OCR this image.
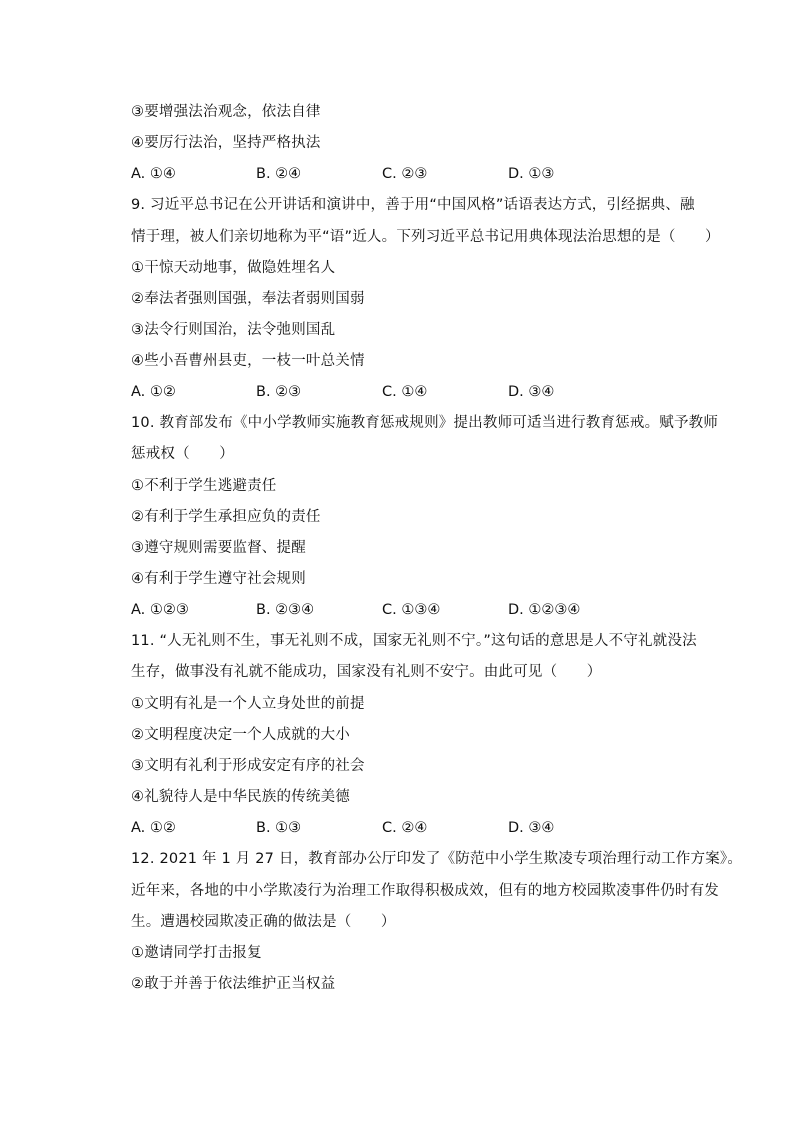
③要增强法治观念，依法自律
④要厉行法治，坚持严格执法
A. ①④	B. ②④	C. ②③	D. ①③
9. 习近平总书记在公开讲话和演讲中，善于用“中国风格”话语表达方式，引经据典、融
情于理，被人们亲切地称为平“语”近人。下列习近平总书记用典体现法治思想的是（　　）
①干惊天动地事，做隐姓埋名人
②奉法者强则国强，奉法者弱则国弱
③法令行则国治，法令弛则国乱
④些小吾曹州县吏，一枝一叶总关情
A. ①②	B. ②③	C. ①④	D. ③④
10. 教育部发布《中小学教师实施教育惩戒规则》提出教师可适当进行教育惩戒。赋予教师
惩戒权（　　）
①不利于学生逃避责任
②有利于学生承担应负的责任
③遵守规则需要监督、提醒
④有利于学生遵守社会规则
A. ①②③	B. ②③④	C. ①③④	D. ①②③④
11. “人无礼则不生，事无礼则不成，国家无礼则不宁。”这句话的意思是人不守礼就没法
生存，做事没有礼就不能成功，国家没有礼则不安宁。由此可见（　　）
①文明有礼是一个人立身处世的前提
②文明程度决定一个人成就的大小
③文明有礼利于形成安定有序的社会
④礼貌待人是中华民族的传统美德
A. ①②	B. ①③	C. ②④	D. ③④
12. 2021 年 1 月 27 日，教育部办公厅印发了《防范中小学生欺凌专项治理行动工作方案》。
近年来，各地的中小学欺凌行为治理工作取得积极成效，但有的地方校园欺凌事件仍时有发
生。遭遇校园欺凌正确的做法是（　　）
①邀请同学打击报复
②敢于并善于依法维护正当权益
